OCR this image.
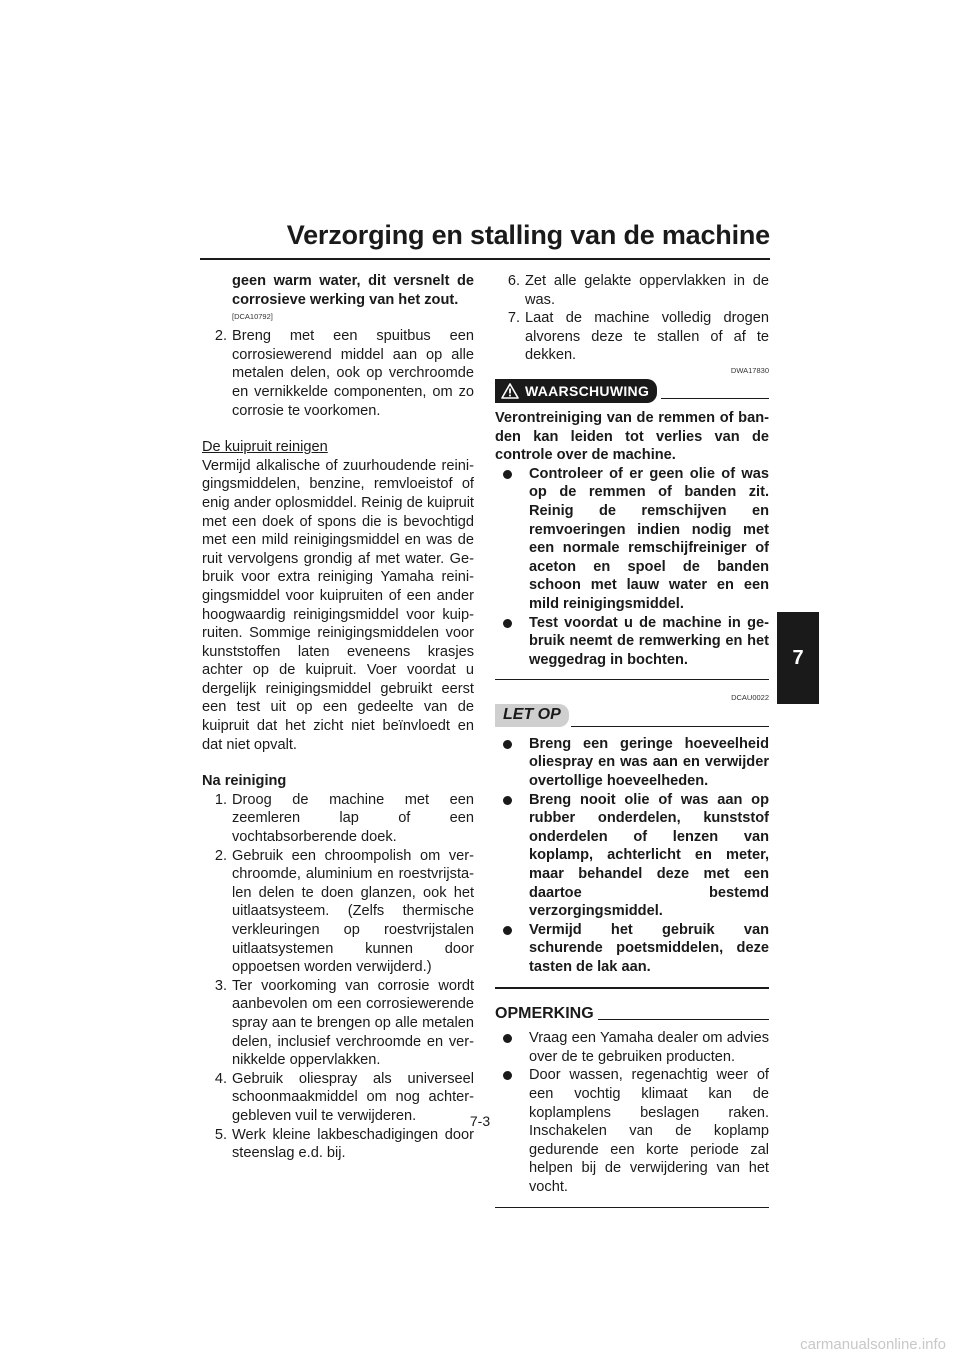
Verzorging en stalling van de machine
7
geen warm water, dit versnelt de corrosieve werking van het zout.
[DCA10792]
2. Breng met een spuitbus een corrosiewerend middel aan op alle metalen delen, ook op verchroomde en vernikkelde componenten, om zo corrosie te voorkomen.
De kuipruit reinigen
Vermijd alkalische of zuurhoudende reinigingsmiddelen, benzine, remvloeistof of enig ander oplosmiddel. Reinig de kuipruit met een doek of spons die is bevochtigd met een mild reinigingsmiddel en was de ruit vervolgens grondig af met water. Gebruik voor extra reiniging Yamaha reinigingsmiddel voor kuipruiten of een ander hoogwaardig reinigingsmiddel voor kuipruiten. Sommige reinigingsmiddelen voor kunststoffen laten eveneens krasjes achter op de kuipruit. Voer voordat u dergelijk reinigingsmiddel gebruikt eerst een test uit op een gedeelte van de kuipruit dat het zicht niet beïnvloedt en dat niet opvalt.
Na reiniging
1. Droog de machine met een zeemleren lap of een vochtabsorberende doek.
2. Gebruik een chroompolish om verchroomde, aluminium en roestvrijstalen delen te doen glanzen, ook het uitlaatsysteem. (Zelfs thermische verkleuringen op roestvrijstalen uitlaatsystemen kunnen door oppoetsen worden verwijderd.)
3. Ter voorkoming van corrosie wordt aanbevolen om een corrosiewerende spray aan te brengen op alle metalen delen, inclusief verchroomde en vernikkelde oppervlakken.
4. Gebruik oliespray als universeel schoonmaakmiddel om nog achtergebleven vuil te verwijderen.
5. Werk kleine lakbeschadigingen door steenslag e.d. bij.
6. Zet alle gelakte oppervlakken in de was.
7. Laat de machine volledig drogen alvorens deze te stallen of af te dekken.
DWA17830
WAARSCHUWING
Verontreiniging van de remmen of banden kan leiden tot verlies van de controle over de machine.
Controleer of er geen olie of was op de remmen of banden zit. Reinig de remschijven en remvoeringen indien nodig met een normale remschijfreiniger of aceton en spoel de banden schoon met lauw water en een mild reinigingsmiddel.
Test voordat u de machine in gebruik neemt de remwerking en het weggedrag in bochten.
DCAU0022
LET OP
Breng een geringe hoeveelheid oliespray en was aan en verwijder overtollige hoeveelheden.
Breng nooit olie of was aan op rubber onderdelen, kunststof onderdelen of lenzen van koplamp, achterlicht en meter, maar behandel deze met een daartoe bestemd verzorgingsmiddel.
Vermijd het gebruik van schurende poetsmiddelen, deze tasten de lak aan.
OPMERKING
Vraag een Yamaha dealer om advies over de te gebruiken producten.
Door wassen, regenachtig weer of een vochtig klimaat kan de koplamplens beslagen raken. Inschakelen van de koplamp gedurende een korte periode zal helpen bij de verwijdering van het vocht.
7-3
carmanualsonline.info
